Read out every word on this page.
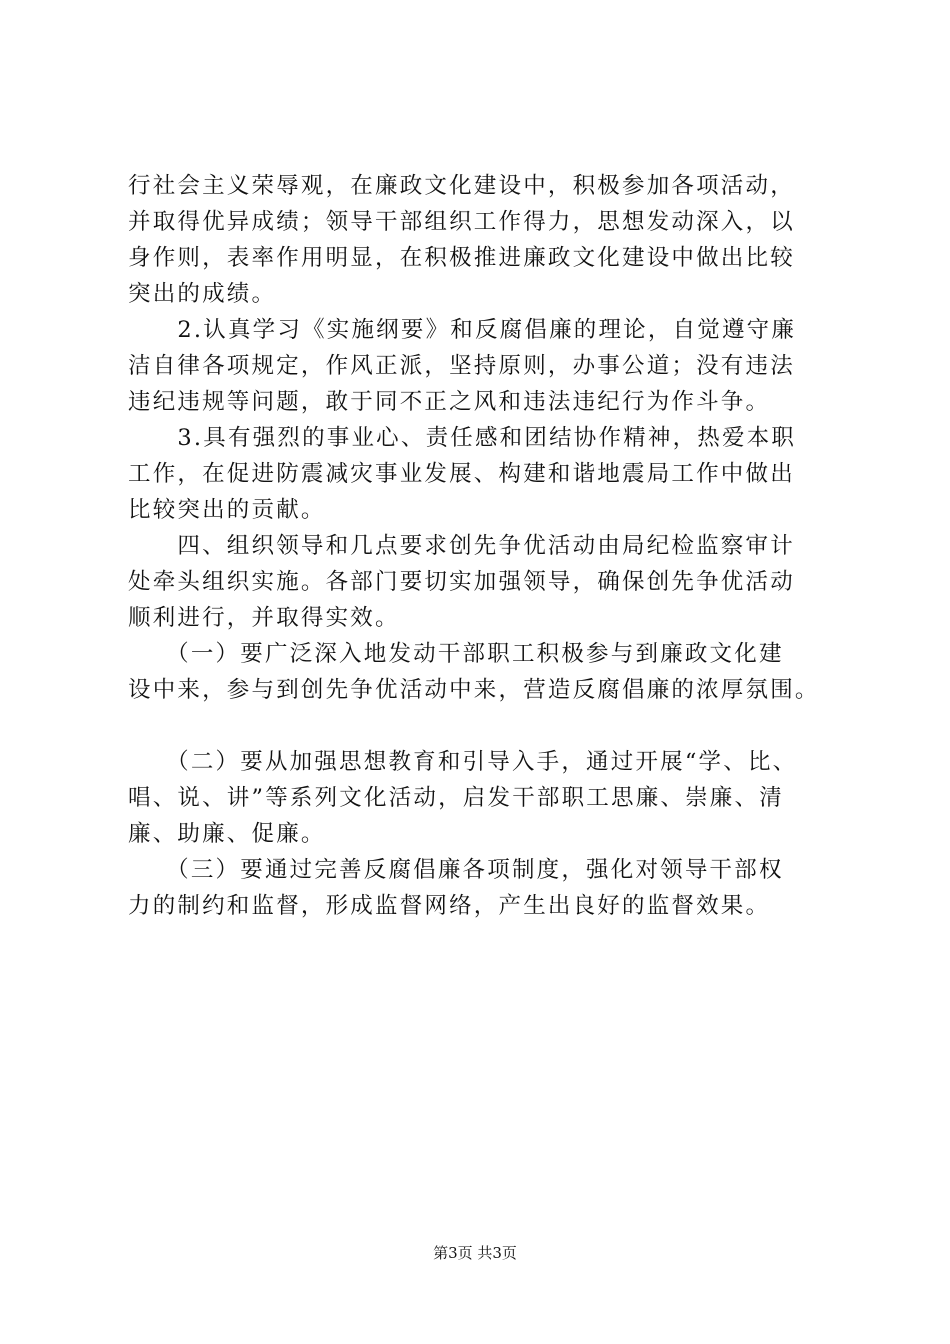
行社会主义荣辱观，在廉政文化建设中，积极参加各项活动，
并取得优异成绩；领导干部组织工作得力，思想发动深入，以
身作则，表率作用明显，在积极推进廉政文化建设中做出比较
突出的成绩。
　　2.认真学习《实施纲要》和反腐倡廉的理论，自觉遵守廉
洁自律各项规定，作风正派，坚持原则，办事公道；没有违法
违纪违规等问题，敢于同不正之风和违法违纪行为作斗争。
　　3.具有强烈的事业心、责任感和团结协作精神，热爱本职
工作，在促进防震减灾事业发展、构建和谐地震局工作中做出
比较突出的贡献。
　　四、组织领导和几点要求创先争优活动由局纪检监察审计
处牵头组织实施。各部门要切实加强领导，确保创先争优活动
顺利进行，并取得实效。
　　（一）要广泛深入地发动干部职工积极参与到廉政文化建
设中来，参与到创先争优活动中来，营造反腐倡廉的浓厚氛围。
　　（二）要从加强思想教育和引导入手，通过开展“学、比、
唱、说、讲”等系列文化活动，启发干部职工思廉、崇廉、清
廉、助廉、促廉。
　　（三）要通过完善反腐倡廉各项制度，强化对领导干部权
力的制约和监督，形成监督网络，产生出良好的监督效果。
第3页 共3页
